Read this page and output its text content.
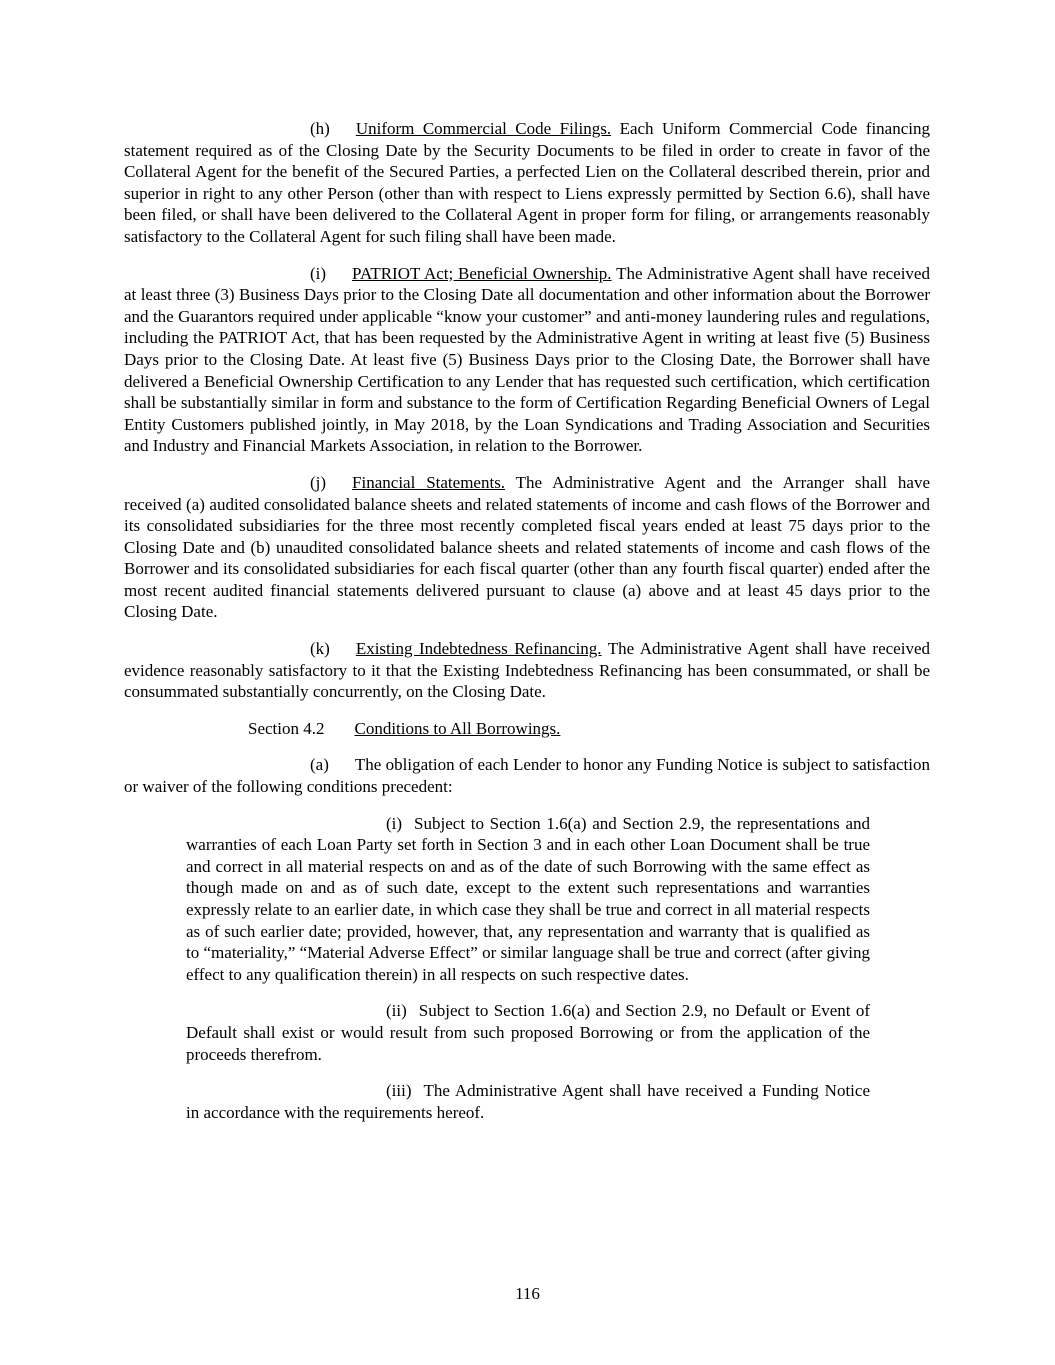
(h) Uniform Commercial Code Filings. Each Uniform Commercial Code financing statement required as of the Closing Date by the Security Documents to be filed in order to create in favor of the Collateral Agent for the benefit of the Secured Parties, a perfected Lien on the Collateral described therein, prior and superior in right to any other Person (other than with respect to Liens expressly permitted by Section 6.6), shall have been filed, or shall have been delivered to the Collateral Agent in proper form for filing, or arrangements reasonably satisfactory to the Collateral Agent for such filing shall have been made.

(i) PATRIOT Act; Beneficial Ownership. The Administrative Agent shall have received at least three (3) Business Days prior to the Closing Date all documentation and other information about the Borrower and the Guarantors required under applicable “know your customer” and anti-money laundering rules and regulations, including the PATRIOT Act, that has been requested by the Administrative Agent in writing at least five (5) Business Days prior to the Closing Date. At least five (5) Business Days prior to the Closing Date, the Borrower shall have delivered a Beneficial Ownership Certification to any Lender that has requested such certification, which certification shall be substantially similar in form and substance to the form of Certification Regarding Beneficial Owners of Legal Entity Customers published jointly, in May 2018, by the Loan Syndications and Trading Association and Securities and Industry and Financial Markets Association, in relation to the Borrower.

(j) Financial Statements. The Administrative Agent and the Arranger shall have received (a) audited consolidated balance sheets and related statements of income and cash flows of the Borrower and its consolidated subsidiaries for the three most recently completed fiscal years ended at least 75 days prior to the Closing Date and (b) unaudited consolidated balance sheets and related statements of income and cash flows of the Borrower and its consolidated subsidiaries for each fiscal quarter (other than any fourth fiscal quarter) ended after the most recent audited financial statements delivered pursuant to clause (a) above and at least 45 days prior to the Closing Date.

(k) Existing Indebtedness Refinancing. The Administrative Agent shall have received evidence reasonably satisfactory to it that the Existing Indebtedness Refinancing has been consummated, or shall be consummated substantially concurrently, on the Closing Date.

Section 4.2 Conditions to All Borrowings.

(a) The obligation of each Lender to honor any Funding Notice is subject to satisfaction or waiver of the following conditions precedent:

(i) Subject to Section 1.6(a) and Section 2.9, the representations and warranties of each Loan Party set forth in Section 3 and in each other Loan Document shall be true and correct in all material respects on and as of the date of such Borrowing with the same effect as though made on and as of such date, except to the extent such representations and warranties expressly relate to an earlier date, in which case they shall be true and correct in all material respects as of such earlier date; provided, however, that, any representation and warranty that is qualified as to “materiality,” “Material Adverse Effect” or similar language shall be true and correct (after giving effect to any qualification therein) in all respects on such respective dates.

(ii) Subject to Section 1.6(a) and Section 2.9, no Default or Event of Default shall exist or would result from such proposed Borrowing or from the application of the proceeds therefrom.

(iii) The Administrative Agent shall have received a Funding Notice in accordance with the requirements hereof.

116
